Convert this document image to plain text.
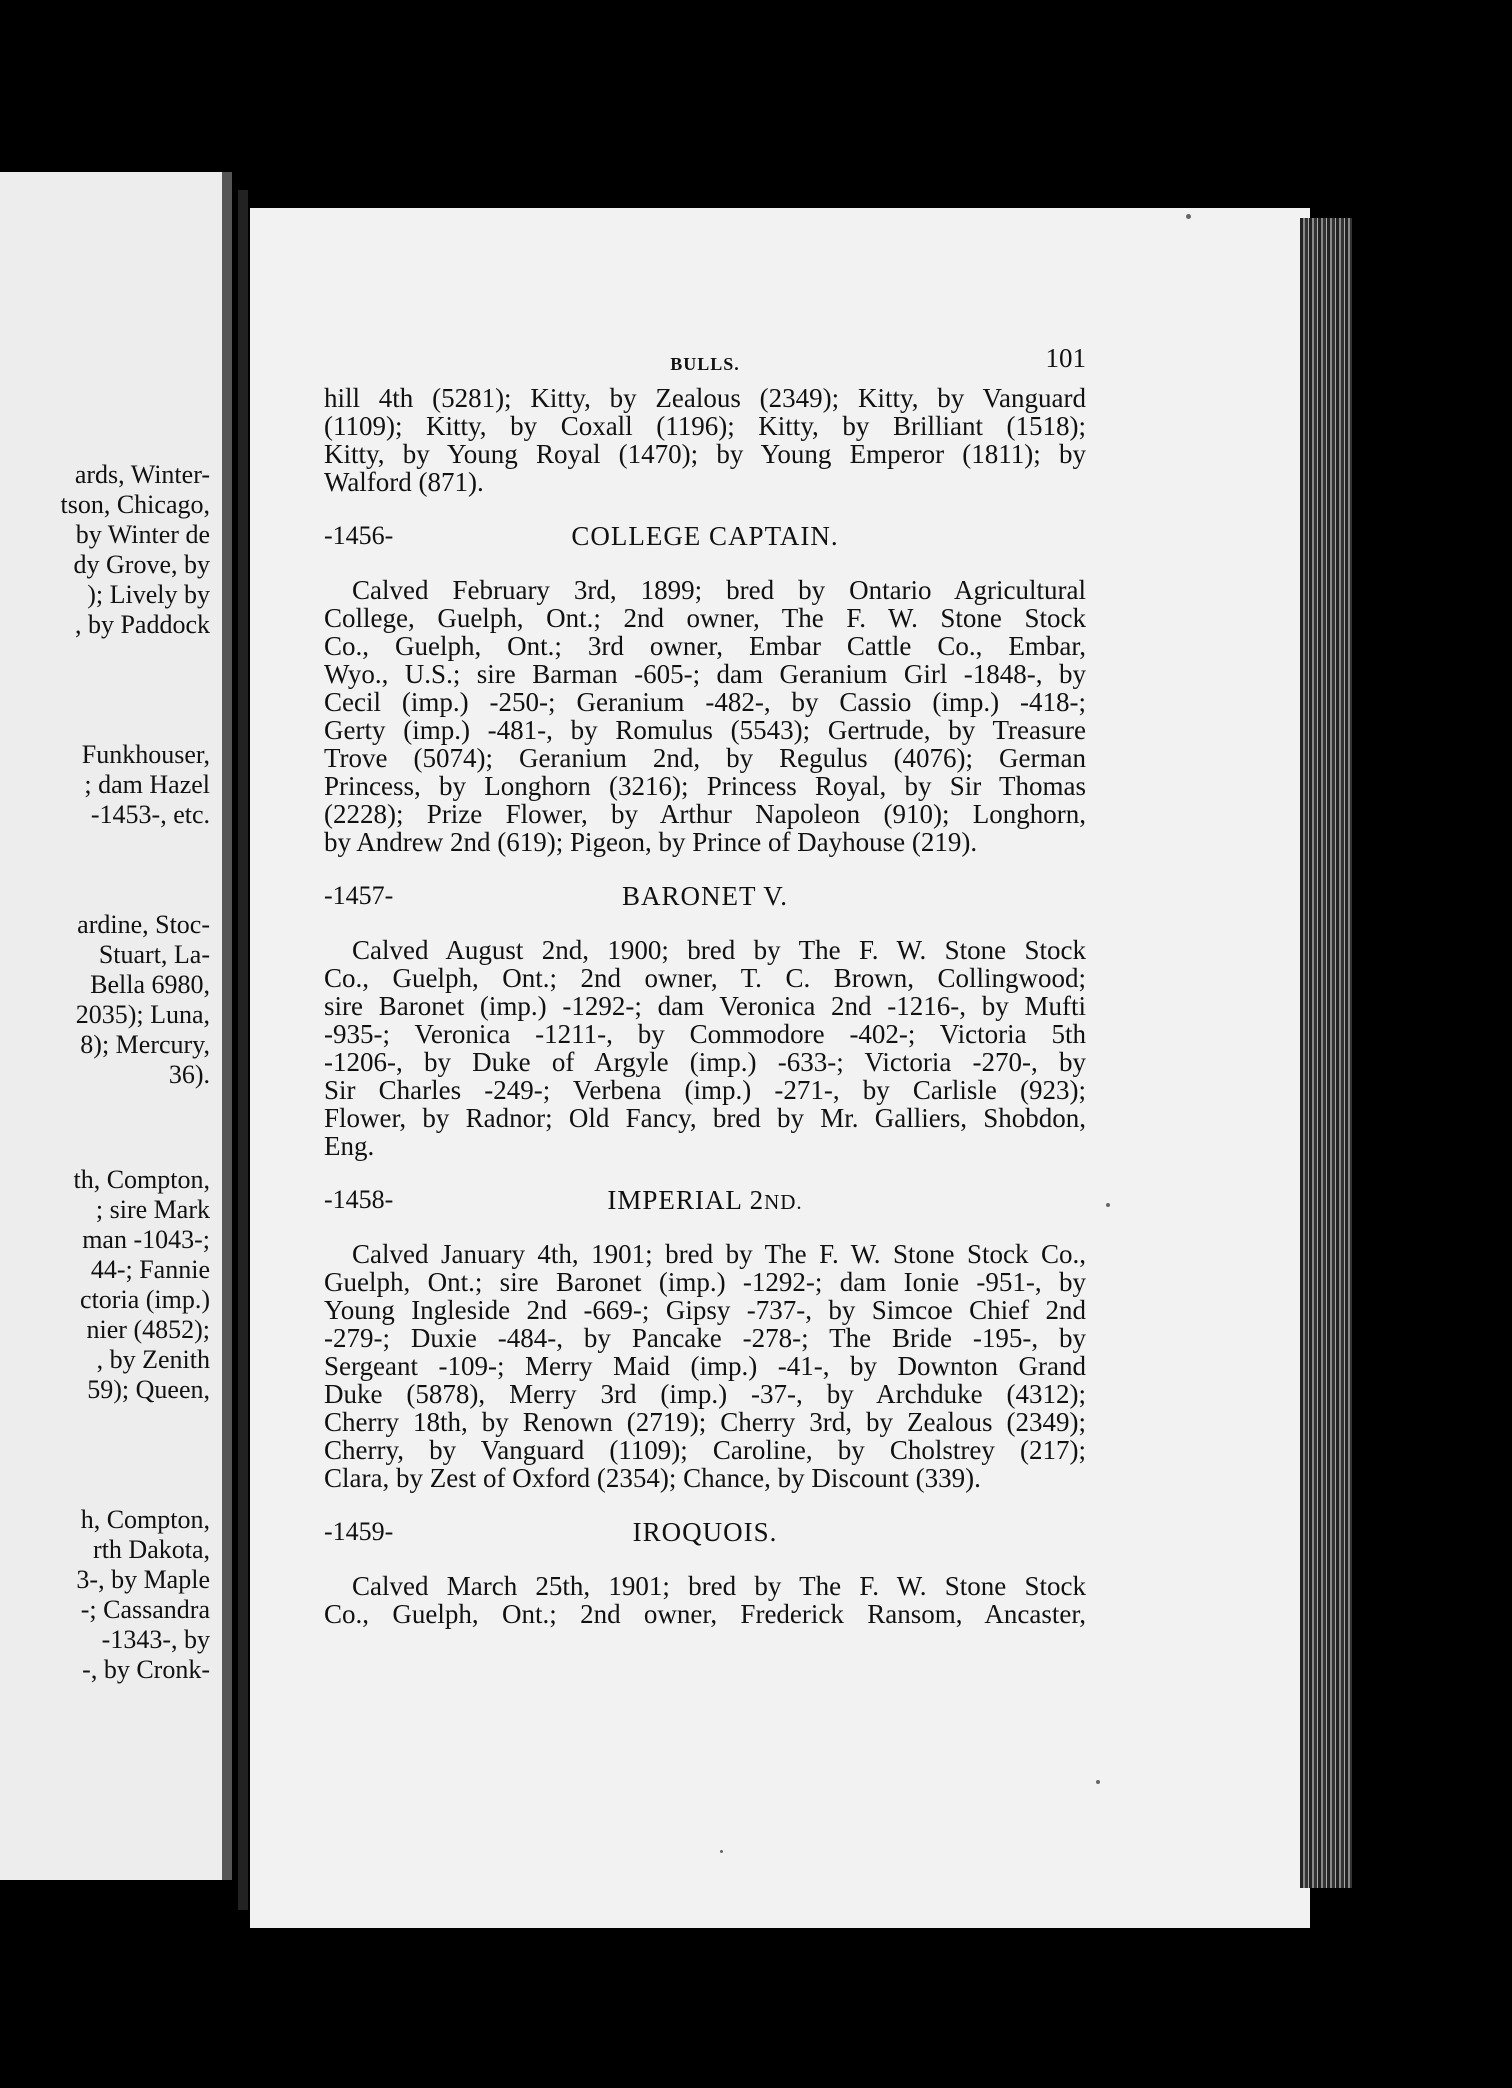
ards, Winter-
tson, Chicago,
by Winter de
dy Grove, by
); Lively by
, by Paddock
Funkhouser,
; dam Hazel
-1453-, etc.
ardine, Stoc-
Stuart, La-
Bella 6980,
2035); Luna,
8); Mercury,
36).
th, Compton,
; sire Mark
man -1043-;
44-; Fannie
ctoria (imp.)
nier (4852);
, by Zenith
59); Queen,
h, Compton,
rth Dakota,
3-, by Maple
-; Cassandra
-1343-, by
-, by Cronk-
BULLS.	101
hill 4th (5281); Kitty, by Zealous (2349); Kitty, by Vanguard
(1109); Kitty, by Coxall (1196); Kitty, by Brilliant (1518);
Kitty, by Young Royal (1470); by Young Emperor (1811); by
Walford (871).
-1456-	COLLEGE CAPTAIN.
Calved February 3rd, 1899; bred by Ontario Agricultural
College, Guelph, Ont.; 2nd owner, The F. W. Stone Stock
Co., Guelph, Ont.; 3rd owner, Embar Cattle Co., Embar,
Wyo., U.S.; sire Barman -605-; dam Geranium Girl -1848-, by
Cecil (imp.) -250-; Geranium -482-, by Cassio (imp.) -418-;
Gerty (imp.) -481-, by Romulus (5543); Gertrude, by Treasure
Trove (5074); Geranium 2nd, by Regulus (4076); German
Princess, by Longhorn (3216); Princess Royal, by Sir Thomas
(2228); Prize Flower, by Arthur Napoleon (910); Longhorn,
by Andrew 2nd (619); Pigeon, by Prince of Dayhouse (219).
-1457-	BARONET V.
Calved August 2nd, 1900; bred by The F. W. Stone Stock
Co., Guelph, Ont.; 2nd owner, T. C. Brown, Collingwood;
sire Baronet (imp.) -1292-; dam Veronica 2nd -1216-, by Mufti
-935-; Veronica -1211-, by Commodore -402-; Victoria 5th
-1206-, by Duke of Argyle (imp.) -633-; Victoria -270-, by
Sir Charles -249-; Verbena (imp.) -271-, by Carlisle (923);
Flower, by Radnor; Old Fancy, bred by Mr. Galliers, Shobdon,
Eng.
-1458-	IMPERIAL 2ND.
Calved January 4th, 1901; bred by The F. W. Stone Stock Co.,
Guelph, Ont.; sire Baronet (imp.) -1292-; dam Ionie -951-, by
Young Ingleside 2nd -669-; Gipsy -737-, by Simcoe Chief 2nd
-279-; Duxie -484-, by Pancake -278-; The Bride -195-, by
Sergeant -109-; Merry Maid (imp.) -41-, by Downton Grand
Duke (5878), Merry 3rd (imp.) -37-, by Archduke (4312);
Cherry 18th, by Renown (2719); Cherry 3rd, by Zealous (2349);
Cherry, by Vanguard (1109); Caroline, by Cholstrey (217);
Clara, by Zest of Oxford (2354); Chance, by Discount (339).
-1459-	IROQUOIS.
Calved March 25th, 1901; bred by The F. W. Stone Stock
Co., Guelph, Ont.; 2nd owner, Frederick Ransom, Ancaster,
